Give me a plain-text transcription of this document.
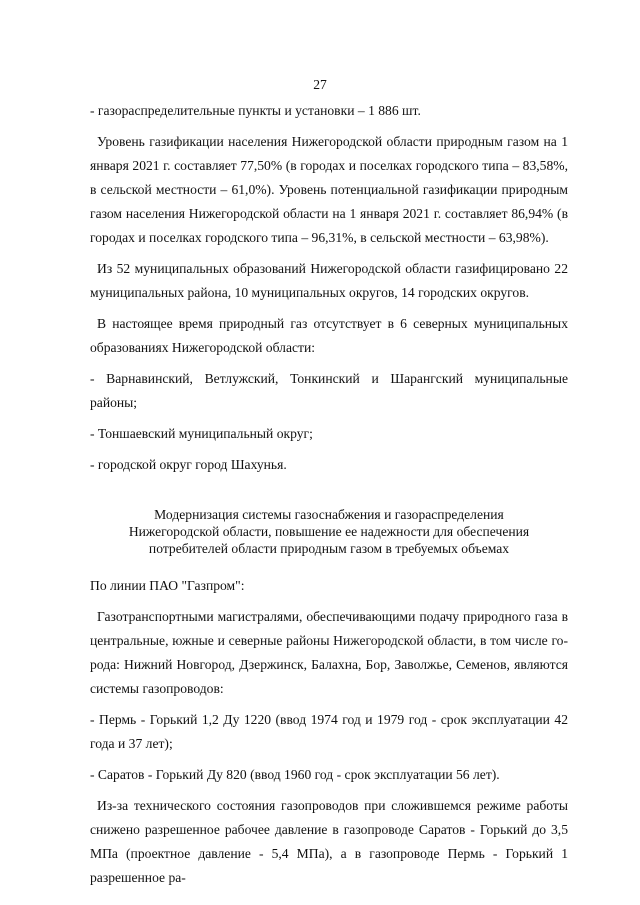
27

- газораспределительные пункты и установки – 1 886 шт.

Уровень газификации населения Нижегородской области природным газом на 1 января 2021 г. составляет 77,50% (в городах и поселках городского типа – 83,58%, в сельской местности – 61,0%). Уровень потенциальной газификации природным газом населения Нижегородской области на 1 января 2021 г. составляет 86,94% (в городах и поселках городского типа – 96,31%, в сельской местности – 63,98%).

Из 52 муниципальных образований Нижегородской области газифицировано 22 муниципальных района, 10 муниципальных округов, 14 городских округов.

В настоящее время природный газ отсутствует в 6 северных муниципальных образованиях Нижегородской области:

- Варнавинский, Ветлужский, Тонкинский и Шарангский муниципальные районы;

- Тоншаевский муниципальный округ;

- городской округ город Шахунья.

Модернизация системы газоснабжения и газораспределения
Нижегородской области, повышение ее надежности для обеспечения
потребителей области природным газом в требуемых объемах

По линии ПАО "Газпром":

Газотранспортными магистралями, обеспечивающими подачу природного газа в центральные, южные и северные районы Нижегородской области, в том числе го-рода: Нижний Новгород, Дзержинск, Балахна, Бор, Заволжье, Семенов, являются системы газопроводов:

- Пермь - Горький 1,2 Ду 1220 (ввод 1974 год и 1979 год - срок эксплуатации 42 года и 37 лет);

- Саратов - Горький Ду 820 (ввод 1960 год - срок эксплуатации 56 лет).

Из-за технического состояния газопроводов при сложившемся режиме работы снижено разрешенное рабочее давление в газопроводе Саратов - Горький до 3,5 МПа (проектное давление - 5,4 МПа), а в газопроводе Пермь - Горький 1 разрешенное ра-
